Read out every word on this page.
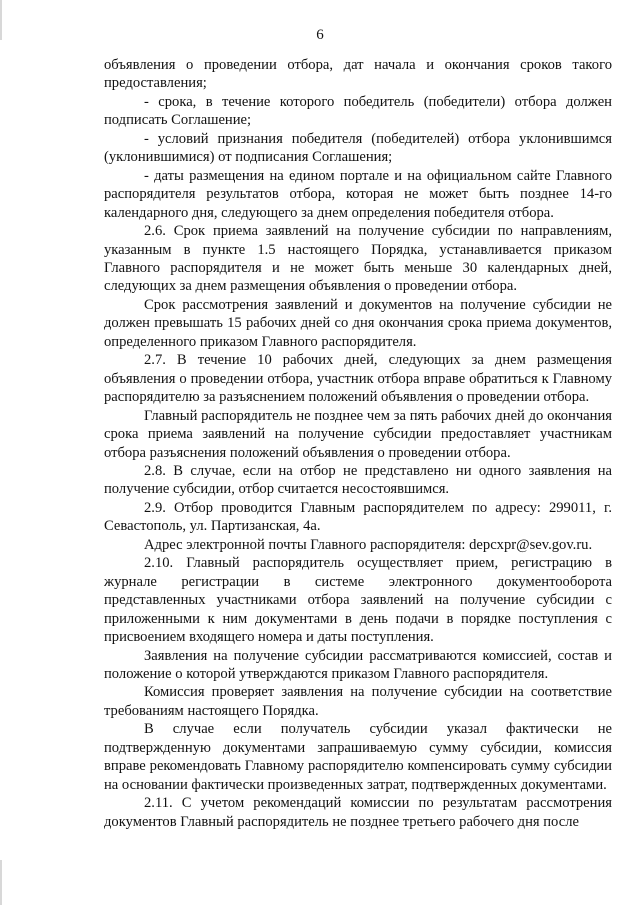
6

объявления о проведении отбора, дат начала и окончания сроков такого предоставления;

- срока, в течение которого победитель (победители) отбора должен подписать Соглашение;

- условий признания победителя (победителей) отбора уклонившимся (уклонившимися) от подписания Соглашения;

- даты размещения на едином портале и на официальном сайте Главного распорядителя результатов отбора, которая не может быть позднее 14-го календарного дня, следующего за днем определения победителя отбора.

2.6. Срок приема заявлений на получение субсидии по направлениям, указанным в пункте 1.5 настоящего Порядка, устанавливается приказом Главного распорядителя и не может быть меньше 30 календарных дней, следующих за днем размещения объявления о проведении отбора.

Срок рассмотрения заявлений и документов на получение субсидии не должен превышать 15 рабочих дней со дня окончания срока приема документов, определенного приказом Главного распорядителя.

2.7. В течение 10 рабочих дней, следующих за днем размещения объявления о проведении отбора, участник отбора вправе обратиться к Главному распорядителю за разъяснением положений объявления о проведении отбора.

Главный распорядитель не позднее чем за пять рабочих дней до окончания срока приема заявлений на получение субсидии предоставляет участникам отбора разъяснения положений объявления о проведении отбора.

2.8. В случае, если на отбор не представлено ни одного заявления на получение субсидии, отбор считается несостоявшимся.

2.9. Отбор проводится Главным распорядителем по адресу: 299011, г. Севастополь, ул. Партизанская, 4а.

Адрес электронной почты Главного распорядителя: depcxpr@sev.gov.ru.

2.10. Главный распорядитель осуществляет прием, регистрацию в журнале регистрации в системе электронного документооборота представленных участниками отбора заявлений на получение субсидии с приложенными к ним документами в день подачи в порядке поступления с присвоением входящего номера и даты поступления.

Заявления на получение субсидии рассматриваются комиссией, состав и положение о которой утверждаются приказом Главного распорядителя.

Комиссия проверяет заявления на получение субсидии на соответствие требованиям настоящего Порядка.

В случае если получатель субсидии указал фактически не подтвержденную документами запрашиваемую сумму субсидии, комиссия вправе рекомендовать Главному распорядителю компенсировать сумму субсидии на основании фактически произведенных затрат, подтвержденных документами.

2.11. С учетом рекомендаций комиссии по результатам рассмотрения документов Главный распорядитель не позднее третьего рабочего дня после
